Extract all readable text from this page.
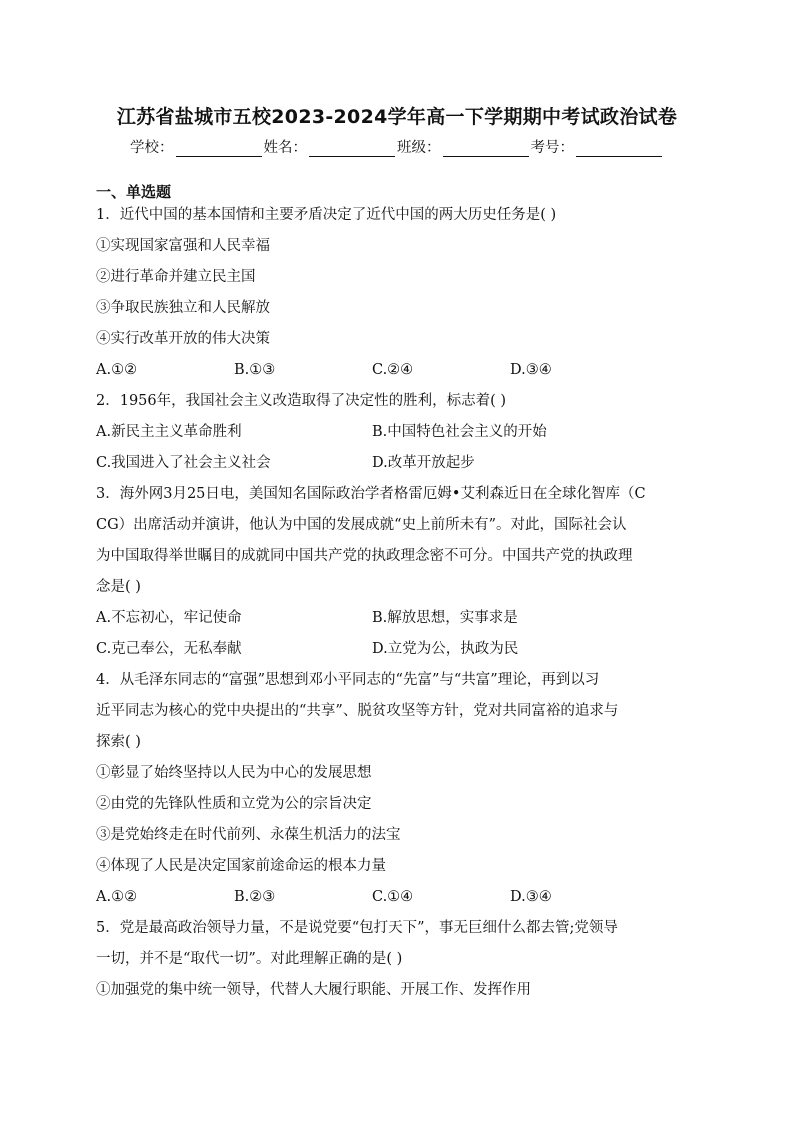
江苏省盐城市五校2023-2024学年高一下学期期中考试政治试卷
学校：	姓名：	班级：	考号：
一、单选题
1．近代中国的基本国情和主要矛盾决定了近代中国的两大历史任务是( )
①实现国家富强和人民幸福
②进行革命并建立民主国
③争取民族独立和人民解放
④实行改革开放的伟大决策
A.①②	B.①③	C.②④	D.③④
2．1956年，我国社会主义改造取得了决定性的胜利，标志着( )
A.新民主主义革命胜利	B.中国特色社会主义的开始
C.我国进入了社会主义社会	D.改革开放起步
3．海外网3月25日电，美国知名国际政治学者格雷厄姆•艾利森近日在全球化智库（C
CG）出席活动并演讲，他认为中国的发展成就“史上前所未有”。对此，国际社会认
为中国取得举世瞩目的成就同中国共产党的执政理念密不可分。中国共产党的执政理
念是( )
A.不忘初心，牢记使命	B.解放思想，实事求是
C.克己奉公，无私奉献	D.立党为公，执政为民
4．从毛泽东同志的“富强”思想到邓小平同志的“先富”与“共富”理论，再到以习
近平同志为核心的党中央提出的“共享”、脱贫攻坚等方针，党对共同富裕的追求与
探索( )
①彰显了始终坚持以人民为中心的发展思想
②由党的先锋队性质和立党为公的宗旨决定
③是党始终走在时代前列、永葆生机活力的法宝
④体现了人民是决定国家前途命运的根本力量
A.①②	B.②③	C.①④	D.③④
5．党是最高政治领导力量，不是说党要“包打天下”，事无巨细什么都去管;党领导
一切，并不是“取代一切”。对此理解正确的是( )
①加强党的集中统一领导，代替人大履行职能、开展工作、发挥作用
